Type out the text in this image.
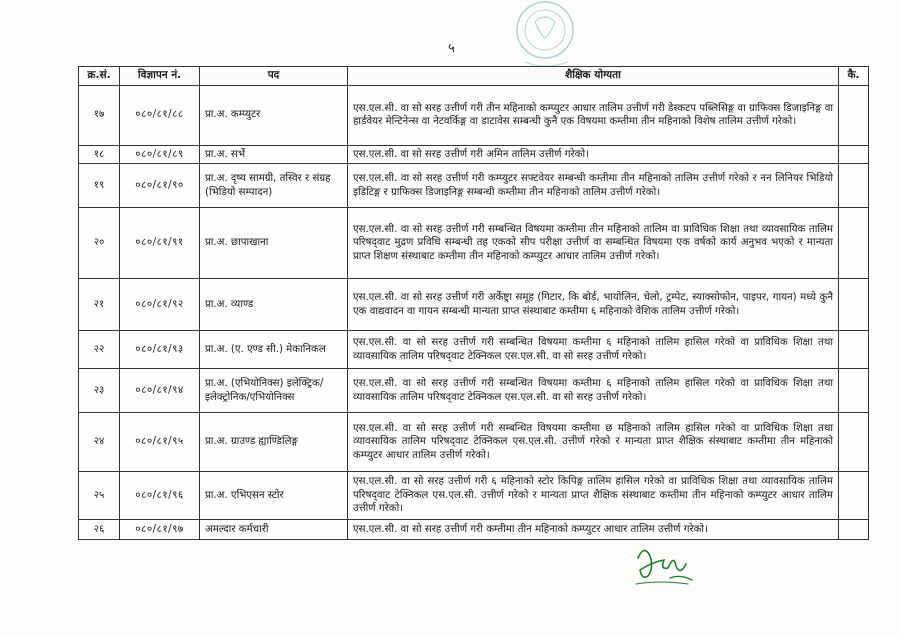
५
क्र.सं.	विज्ञापन नं.	पद	शैक्षिक योग्यता	कै.
१७	०८०/८१/८८	प्रा.अ. कम्प्युटर	एस.एल.सी. वा सो सरह उत्तीर्ण गरी तीन महिनाको कम्प्युटर आधार तालिम उत्तीर्ण गरी डेस्कटप पब्लिसिङ्ग वा ग्राफिक्स डिजाइनिङ्ग वा हार्डवेयर मेन्टिनेन्स वा नेटवर्किङ्ग वा डाटावेस सम्बन्धी कुनै एक विषयमा कम्तीमा तीन महिनाको विशेष तालिम उत्तीर्ण गरेको।	
१८	०८०/८१/८९	प्रा.अ. सर्भे	एस.एल.सी. वा सो सरह उत्तीर्ण गरी अमिन तालिम उत्तीर्ण गरेको।	
१९	०८०/८१/९०	प्रा.अ. दृष्य सामग्री, तस्विर र संग्रह (भिडियो सम्पादन)	एस.एल.सी. वा सो सरह उत्तीर्ण गरी कम्प्युटर सफ्टवेयर सम्बन्धी कम्तीमा तीन महिनाको तालिम उत्तीर्ण गरेको र नन लिनियर भिडियो इडिटिङ्ग र ग्राफिक्स डिजाइनिङ्ग सम्बन्धी कम्तीमा तीन महिनाको तालिम उत्तीर्ण गरेको।	
२०	०८०/८१/९१	प्रा.अ. छापाखाना	एस.एल.सी. वा सो सरह उत्तीर्ण गरी सम्बन्धित विषयमा कम्तीमा तीन महिनाको तालिम वा प्राविधिक शिक्षा तथा व्यावसायिक तालिम परिषद्‌वाट मुद्रण प्रविधि सम्बन्धी तह एकको सीप परीक्षा उत्तीर्ण वा सम्बन्धित विषयमा एक वर्षको कार्य अनुभव भएको र मान्यता प्राप्त शिक्षण संस्थाबाट कम्तीमा तीन महिनाको कम्प्युटर आधार तालिम उत्तीर्ण गरेको।	
२१	०८०/८१/९२	प्रा.अ. व्याण्ड	एस.एल.सी. वा सो सरह उत्तीर्ण गरी अर्केष्ट्रा समूह (गिटार, कि बोर्ड, भायोलिन, चेलो, ट्रम्पेट, स्याक्सोफोन, पाइपर, गायन) मध्ये कुनै एक वाद्यवादन वा गायन सम्बन्धी मान्यता प्राप्त संस्थाबाट कम्तीमा ६ महिनाको वेशिक तालिम उत्तीर्ण गरेको।	
२२	०८०/८१/९३	प्रा.अ. (ए. एण्ड सी.) मेकानिकल	एस.एल.सी. वा सो सरह उत्तीर्ण गरी सम्बन्धित विषयमा कम्तीमा ६ महिनाको तालिम हासिल गरेको वा प्राविधिक शिक्षा तथा व्यावसायिक तालिम परिषद्‌वाट टेक्निकल एस.एल.सी. वा सो सरह उत्तीर्ण गरेको।	
२३	०८०/८१/९४	प्रा.अ. (एभियोनिक्स) इलेक्ट्रिक/इलेक्ट्रोनिक/एभियोनिक्स	एस.एल.सी. वा सो सरह उत्तीर्ण गरी सम्बन्धित विषयमा कम्तीमा ६ महिनाको तालिम हासिल गरेको वा प्राविधिक शिक्षा तथा व्यावसायिक तालिम परिषद्‌वाट टेक्निकल एस.एल.सी. वा सो सरह उत्तीर्ण गरेको।	
२४	०८०/८१/९५	प्रा.अ. ग्राउण्ड ह्याण्डिलिङ्ग	एस.एल.सी. वा सो सरह उत्तीर्ण गरी सम्बन्धित विषयमा कम्तीमा छ महिनाको तालिम हासिल गरेको वा प्राविधिक शिक्षा तथा व्यावसायिक तालिम परिषद्‌वाट टेक्निकल एस.एल.सी. उत्तीर्ण गरेको र मान्यता प्राप्त शैक्षिक संस्थाबाट कम्तीमा तीन महिनाको कम्प्युटर आधार तालिम उत्तीर्ण गरेको।	
२५	०८०/८१/९६	प्रा.अ. एभिएसन स्टोर	एस.एल.सी. वा सो सरह उत्तीर्ण गरी ६ महिनाको स्टोर किपिङ्ग तालिम हासिल गरेको वा प्राविधिक शिक्षा तथा व्यावसायिक तालिम परिषद्‌वाट टेक्निकल एस.एल.सी. उत्तीर्ण गरेको र मान्यता प्राप्त शैक्षिक संस्थाबाट कम्तीमा तीन महिनाको कम्प्युटर आधार तालिम उत्तीर्ण गरेको।	
२६	०८०/८१/९७	अमल्दार कर्मचारी	एस.एल.सी. वा सो सरह उत्तीर्ण गरी कम्तीमा तीन महिनाको कम्प्युटर आधार तालिम उत्तीर्ण गरेको।	
